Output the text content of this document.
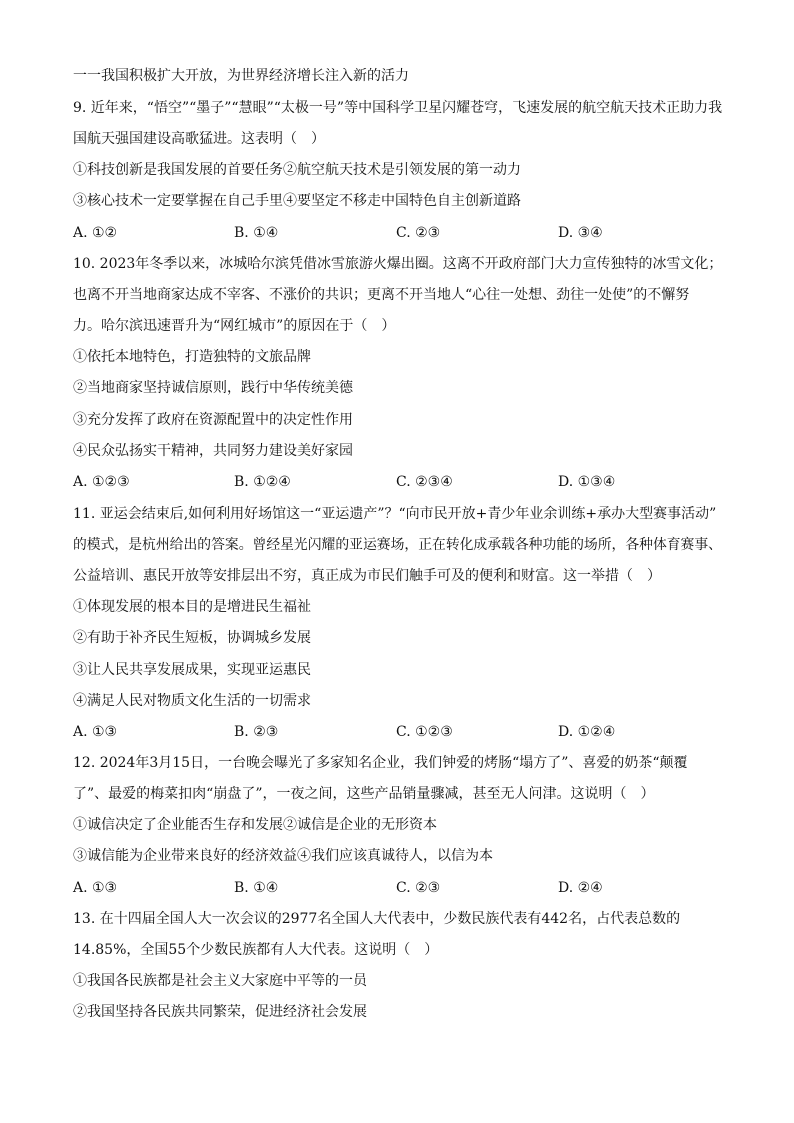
一一我国积极扩大开放，为世界经济增长注入新的活力
9. 近年来，“悟空”“墨子”“慧眼”“太极一号”等中国科学卫星闪耀苍穹，飞速发展的航空航天技术正助力我
国航天强国建设高歌猛进。这表明（　）
①科技创新是我国发展的首要任务②航空航天技术是引领发展的第一动力
③核心技术一定要掌握在自己手里④要坚定不移走中国特色自主创新道路
A. ①②	B. ①④	C. ②③	D. ③④
10. 2023年冬季以来，冰城哈尔滨凭借冰雪旅游火爆出圈。这离不开政府部门大力宣传独特的冰雪文化；
也离不开当地商家达成不宰客、不涨价的共识；更离不开当地人“心往一处想、劲往一处使”的不懈努
力。哈尔滨迅速晋升为“网红城市”的原因在于（　）
①依托本地特色，打造独特的文旅品牌
②当地商家坚持诚信原则，践行中华传统美德
③充分发挥了政府在资源配置中的决定性作用
④民众弘扬实干精神，共同努力建设美好家园
A. ①②③	B. ①②④	C. ②③④	D. ①③④
11. 亚运会结束后,如何利用好场馆这一“亚运遗产”？“向市民开放+青少年业余训练+承办大型赛事活动”
的模式，是杭州给出的答案。曾经星光闪耀的亚运赛场，正在转化成承载各种功能的场所，各种体育赛事、
公益培训、惠民开放等安排层出不穷，真正成为市民们触手可及的便利和财富。这一举措（　）
①体现发展的根本目的是增进民生福祉
②有助于补齐民生短板，协调城乡发展
③让人民共享发展成果，实现亚运惠民
④满足人民对物质文化生活的一切需求
A. ①③	B. ②③	C. ①②③	D. ①②④
12. 2024年3月15日，一台晚会曝光了多家知名企业，我们钟爱的烤肠“塌方了”、喜爱的奶茶“颠覆
了”、最爱的梅菜扣肉“崩盘了”，一夜之间，这些产品销量骤减，甚至无人问津。这说明（　）
①诚信决定了企业能否生存和发展②诚信是企业的无形资本
③诚信能为企业带来良好的经济效益④我们应该真诚待人，以信为本
A. ①③	B. ①④	C. ②③	D. ②④
13. 在十四届全国人大一次会议的2977名全国人大代表中，少数民族代表有442名，占代表总数的
14.85%，全国55个少数民族都有人大代表。这说明（　）
①我国各民族都是社会主义大家庭中平等的一员
②我国坚持各民族共同繁荣，促进经济社会发展
